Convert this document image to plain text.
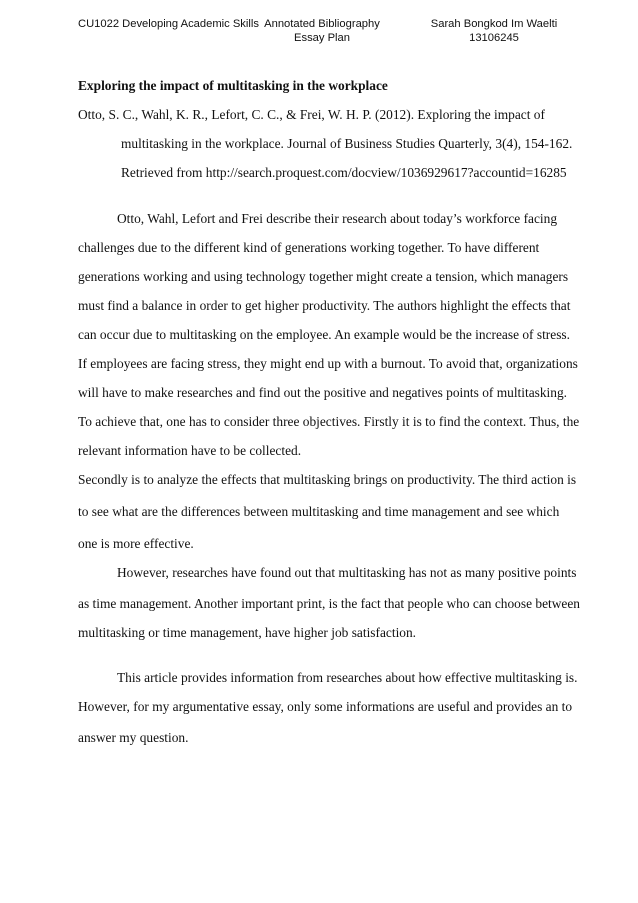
CU1022 Developing Academic Skills Annotated Bibliography
Essay Plan
Sarah Bongkod Im Waelti
13106245
Exploring the impact of multitasking in the workplace
Otto, S. C., Wahl, K. R., Lefort, C. C., & Frei, W. H. P. (2012). Exploring the impact of
multitasking in the workplace. Journal of Business Studies Quarterly, 3(4), 154-162.
Retrieved from http://search.proquest.com/docview/1036929617?accountid=16285
Otto, Wahl, Lefort and Frei describe their research about today’s workforce facing
challenges due to the different kind of generations working together. To have different
generations working and using technology together might create a tension, which managers
must find a balance in order to get higher productivity. The authors highlight the effects that
can occur due to multitasking on the employee. An example would be the increase of stress.
If employees are facing stress, they might end up with a burnout. To avoid that, organizations
will have to make researches and find out the positive and negatives points of multitasking.
To achieve that, one has to consider three objectives. Firstly it is to find the context. Thus, the
relevant information have to be collected.
Secondly is to analyze the effects that multitasking brings on productivity. The third action is
to see what are the differences between multitasking and time management and see which
one is more effective.
However, researches have found out that multitasking has not as many positive points
as time management. Another important print, is the fact that people who can choose between
multitasking or time management, have higher job satisfaction.
This article provides information from researches about how effective multitasking is.
However, for my argumentative essay, only some informations are useful and provides an to
answer my question.
